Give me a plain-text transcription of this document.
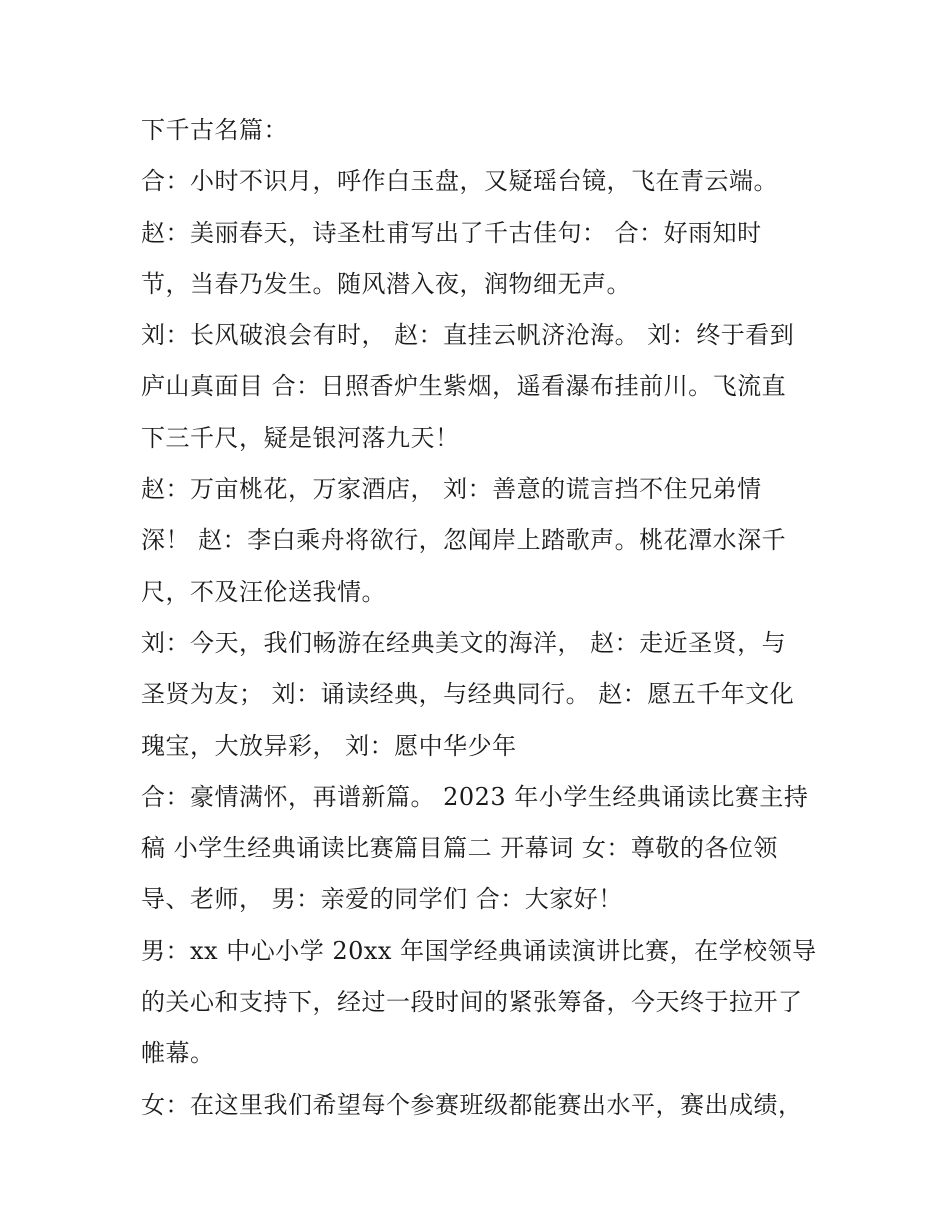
下千古名篇：
合：小时不识月，呼作白玉盘，又疑瑶台镜，飞在青云端。
赵：美丽春天，诗圣杜甫写出了千古佳句： 合：好雨知时
节，当春乃发生。随风潜入夜，润物细无声。
刘：长风破浪会有时， 赵：直挂云帆济沧海。 刘：终于看到
庐山真面目 合：日照香炉生紫烟，遥看瀑布挂前川。飞流直
下三千尺，疑是银河落九天！
赵：万亩桃花，万家酒店， 刘：善意的谎言挡不住兄弟情
深！ 赵：李白乘舟将欲行，忽闻岸上踏歌声。桃花潭水深千
尺，不及汪伦送我情。
刘：今天，我们畅游在经典美文的海洋， 赵：走近圣贤，与
圣贤为友； 刘：诵读经典，与经典同行。 赵：愿五千年文化
瑰宝，大放异彩， 刘：愿中华少年
合：豪情满怀，再谱新篇。 2023 年小学生经典诵读比赛主持
稿 小学生经典诵读比赛篇目篇二 开幕词 女：尊敬的各位领
导、老师， 男：亲爱的同学们 合：大家好！
男：xx 中心小学 20xx 年国学经典诵读演讲比赛，在学校领导
的关心和支持下，经过一段时间的紧张筹备，今天终于拉开了
帷幕。
女：在这里我们希望每个参赛班级都能赛出水平，赛出成绩，
